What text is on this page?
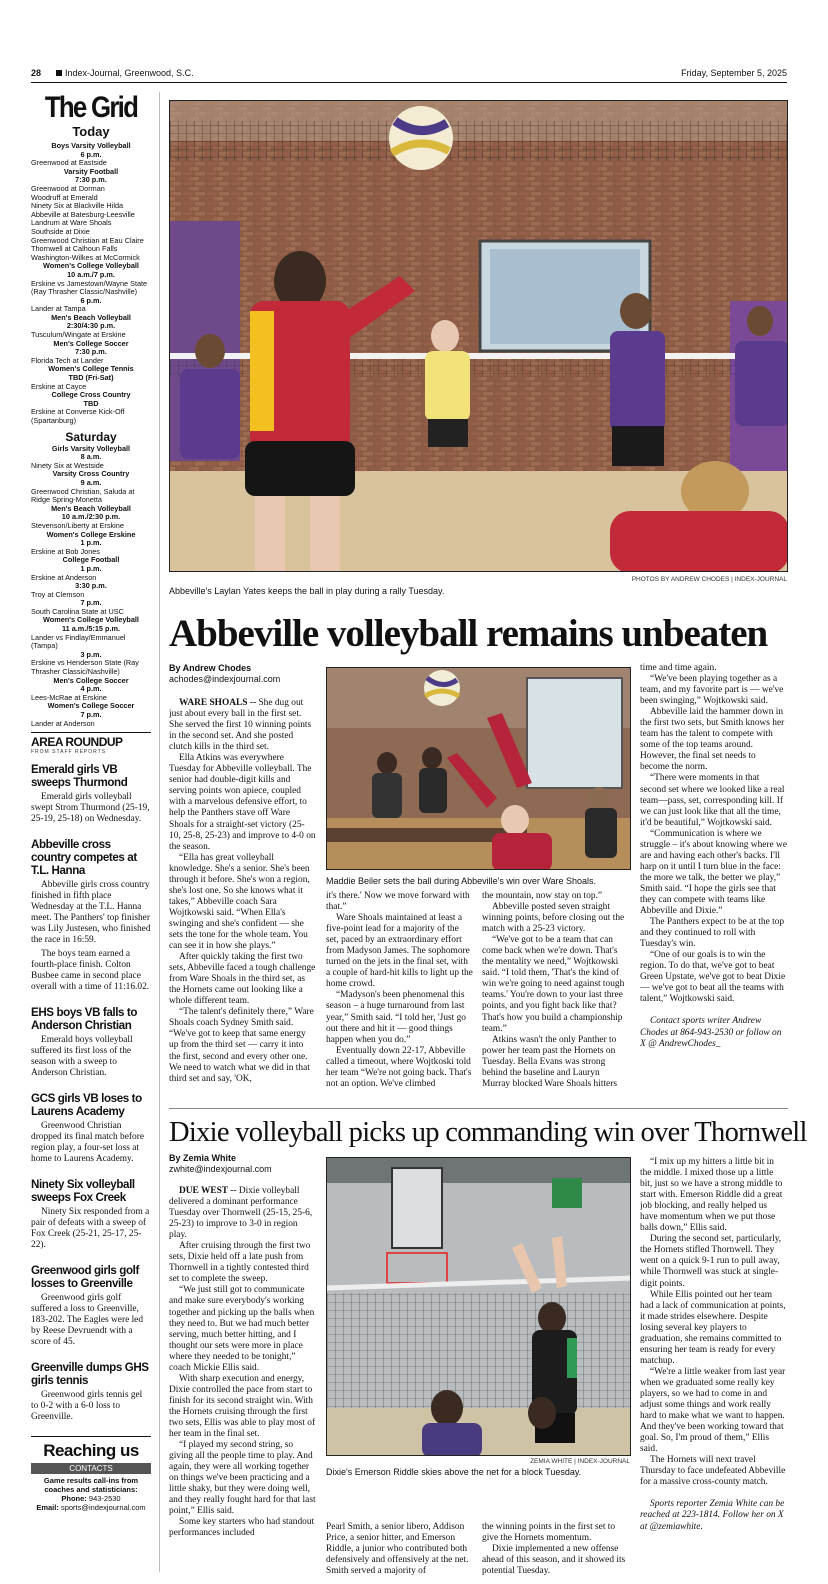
28	Index-Journal, Greenwood, S.C.	Friday, September 5, 2025
The Grid
Today
Boys Varsity Volleyball
6 p.m.
Greenwood at Eastside
Varsity Football
7:30 p.m.
Greenwood at Dorman
Woodruff at Emerald
Ninety Six at Blackville Hilda
Abbeville at Batesburg-Leesville
Landrum at Ware Shoals
Southside at Dixie
Greenwood Christian at Eau Claire
Thornwell at Calhoun Falls
Washington-Wilkes at McCormick
Women's College Volleyball
10 a.m./7 p.m.
Erskine vs Jamestown/Wayne State (Ray Thrasher Classic/Nashville)
6 p.m.
Lander at Tampa
Men's Beach Volleyball
2:30/4:30 p.m.
Tusculum/Wingate at Erskine
Men's College Soccer
7:30 p.m.
Florida Tech at Lander
Women's College Tennis
TBD (Fri-Sat)
Erskine at Cayce
College Cross Country
TBD
Erskine at Converse Kick-Off (Spartanburg)
Saturday
Girls Varsity Volleyball
8 a.m.
Ninety Six at Westside
Varsity Cross Country
9 a.m.
Greenwood Christian, Saluda at Ridge Spring-Monetta
Men's Beach Volleyball
10 a.m./2:30 p.m.
Stevenson/Liberty at Erskine
Women's College Erskine
1 p.m.
Erskine at Bob Jones
College Football
1 p.m.
Erskine at Anderson
3:30 p.m.
Troy at Clemson
7 p.m.
South Carolina State at USC
Women's College Volleyball
11 a.m./5:15 p.m.
Lander vs Findlay/Emmanuel (Tampa)
3 p.m.
Erskine vs Henderson State (Ray Thrasher Classic/Nashville)
Men's College Soccer
4 p.m.
Lees-McRae at Erskine
Women's College Soccer
7 p.m.
Lander at Anderson
AREA ROUNDUP
FROM STAFF REPORTS
Emerald girls VB sweeps Thurmond

Emerald girls volleyball swept Strom Thurmond (25-19, 25-19, 25-18) on Wednesday.

Abbeville cross country competes at T.L. Hanna

Abbeville girls cross country finished in fifth place Wednesday at the T.L. Hanna meet. The Panthers' top finisher was Lily Justesen, who finished the race in 16:59.

The boys team earned a fourth-place finish. Colton Busbee came in second place overall with a time of 11:16.02.

EHS boys VB falls to Anderson Christian

Emerald boys volleyball suffered its first loss of the season with a sweep to Anderson Christian.

GCS girls VB loses to Laurens Academy

Greenwood Christian dropped its final match before region play, a four-set loss at home to Laurens Academy.

Ninety Six volleyball sweeps Fox Creek

Ninety Six responded from a pair of defeats with a sweep of Fox Creek (25-21, 25-17, 25-22).

Greenwood girls golf losses to Greenville

Greenwood girls golf suffered a loss to Greenville, 183-202. The Eagles were led by Reese Devruendt with a score of 45.

Greenville dumps GHS girls tennis

Greenwood girls tennis gel to 0-2 with a 6-0 loss to Greenville.

Reaching us
CONTACTS
Game results call-ins from coaches and statisticians:
Phone: 943-2530
Email: sports@indexjournal.com
PHOTOS BY ANDREW CHODES | INDEX-JOURNAL
Abbeville's Laylan Yates keeps the ball in play during a rally Tuesday.
Abbeville volleyball remains unbeaten
By Andrew Chodes
achodes@indexjournal.com
Maddie Beiler sets the ball during Abbeville's win over Ware Shoals.

WARE SHOALS -- She dug out just about every ball in the first set. She served the first 10 winning points in the second set. And she posted clutch kills in the third set.

Ella Atkins was everywhere Tuesday for Abbeville volleyball. The senior had double-digit kills and serving points won apiece, coupled with a marvelous defensive effort, to help the Panthers stave off Ware Shoals for a straight-set victory (25-10, 25-8, 25-23) and improve to 4-0 on the season.

“Ella has great volleyball knowledge. She's a senior. She's been through it before. She's won a region, she's lost one. So she knows what it takes,” Abbeville coach Sara Wojtkowski said. “When Ella's swinging and she's confident — she sets the tone for the whole team. You can see it in how she plays.”

After quickly taking the first two sets, Abbeville faced a tough challenge from Ware Shoals in the third set, as the Hornets came out looking like a whole different team.

“The talent's definitely there,” Ware Shoals coach Sydney Smith said. “We've got to keep that same energy up from the third set — carry it into the first, second and every other one. We need to watch what we did in that third set and say, 'OK,

it's there.' Now we move forward with that.”

Ware Shoals maintained at least a five-point lead for a majority of the set, paced by an extraordinary effort from Madyson James. The sophomore turned on the jets in the final set, with a couple of hard-hit kills to light up the home crowd.

“Madyson's been phenomenal this season – a huge turnaround from last year,” Smith said. “I told her, 'Just go out there and hit it — good things happen when you do.”

Eventually down 22-17, Abbeville called a timeout, where Wojtkoski told her team “We're not going back. That's not an option. We've climbed

the mountain, now stay on top.”

Abbeville posted seven straight winning points, before closing out the match with a 25-23 victory.

“We've got to be a team that can come back when we're down. That's the mentality we need,” Wojtkowski said. “I told them, 'That's the kind of win we're going to need against tough teams.' You're down to your last three points, and you fight back like that? That's how you build a championship team.”

Atkins wasn't the only Panther to power her team past the Hornets on Tuesday. Bella Evans was strong behind the baseline and Lauryn Murray blocked Ware Shoals hitters

time and time again.

“We've been playing together as a team, and my favorite part is — we've been swinging,” Wojtkowski said.

Abbeville laid the hammer down in the first two sets, but Smith knows her team has the talent to compete with some of the top teams around. However, the final set needs to become the norm.

“There were moments in that second set where we looked like a real team—pass, set, corresponding kill. If we can just look like that all the time, it'd be beautiful,” Wojtkowski said.

“Communication is where we struggle – it's about knowing where we are and having each other's backs. I'll harp on it until I turn blue in the face: the more we talk, the better we play,” Smith said. “I hope the girls see that they can compete with teams like Abbeville and Dixie.”

The Panthers expect to be at the top and they continued to roll with Tuesday's win.

“One of our goals is to win the region. To do that, we've got to beat Green Upstate, we've got to beat Dixie — we've got to beat all the teams with talent,” Wojtkowski said.

Contact sports writer Andrew Chodes at 864-943-2530 or follow on X @ AndrewChodes_

Dixie volleyball picks up commanding win over Thornwell
By Zemia White
zwhite@indexjournal.com
ZEMIA WHITE | INDEX-JOURNAL
Dixie's Emerson Riddle skies above the net for a block Tuesday.

DUE WEST -- Dixie volleyball delivered a dominant performance Tuesday over Thornwell (25-15, 25-6, 25-23) to improve to 3-0 in region play.

After cruising through the first two sets, Dixie held off a late push from Thornwell in a tightly contested third set to complete the sweep.

“We just still got to communicate and make sure everybody's working together and picking up the balls when they need to. But we had much better serving, much better hitting, and I thought our sets were more in place where they needed to be tonight,” coach Mickie Ellis said.

With sharp execution and energy, Dixie controlled the pace from start to finish for its second straight win. With the Hornets cruising through the first two sets, Ellis was able to play most of her team in the final set.

“I played my second string, so giving all the people time to play. And again, they were all working together on things we've been practicing and a little shaky, but they were doing well, and they really fought hard for that last point,” Ellis said.

Some key starters who had standout performances included

Pearl Smith, a senior libero, Addison Price, a senior hitter, and Emerson Riddle, a junior who contributed both defensively and offensively at the net. Smith served a majority of

the winning points in the first set to give the Hornets momentum.

Dixie implemented a new offense ahead of this season, and it showed its potential Tuesday.

“I mix up my hitters a little bit in the middle. I mixed those up a little bit, just so we have a strong middle to start with. Emerson Riddle did a great job blocking, and really helped us have momentum when we put those balls down,” Ellis said.

During the second set, particularly, the Hornets stifled Thornwell. They went on a quick 9-1 run to pull away, while Thornwell was stuck at single-digit points.

While Ellis pointed out her team had a lack of communication at points, it made strides elsewhere. Despite losing several key players to graduation, she remains committed to ensuring her team is ready for every matchup.

“We're a little weaker from last year when we graduated some really key players, so we had to come in and adjust some things and work really hard to make what we want to happen. And they've been working toward that goal. So, I'm proud of them,” Ellis said.

The Hornets will next travel Thursday to face undefeated Abbeville for a massive cross-county match.

Sports reporter Zemia White can be reached at 223-1814. Follow her on X at @zemiawhite.
